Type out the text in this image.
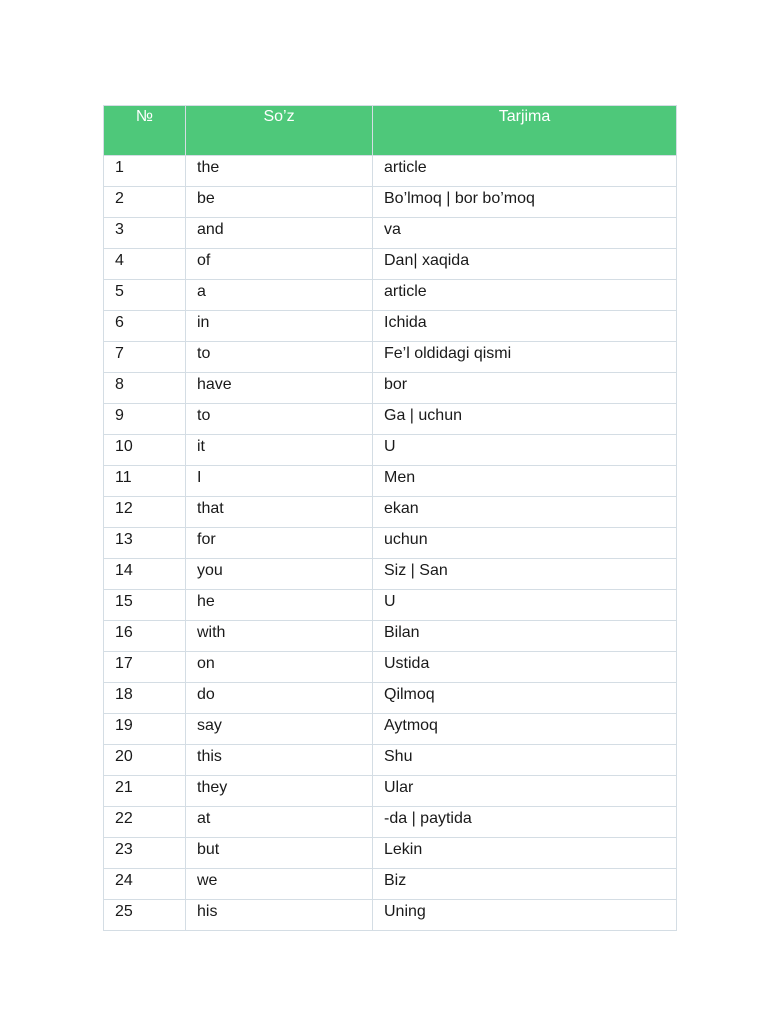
№	So’z	Tarjima
1	the	article
2	be	Bo’lmoq | bor bo’moq
3	and	va
4	of	Dan| xaqida
5	a	article
6	in	Ichida
7	to	Fe’l oldidagi qismi
8	have	bor
9	to	Ga | uchun
10	it	U
11	I	Men
12	that	ekan
13	for	uchun
14	you	Siz | San
15	he	U
16	with	Bilan
17	on	Ustida
18	do	Qilmoq
19	say	Aytmoq
20	this	Shu
21	they	Ular
22	at	-da | paytida
23	but	Lekin
24	we	Biz
25	his	Uning
